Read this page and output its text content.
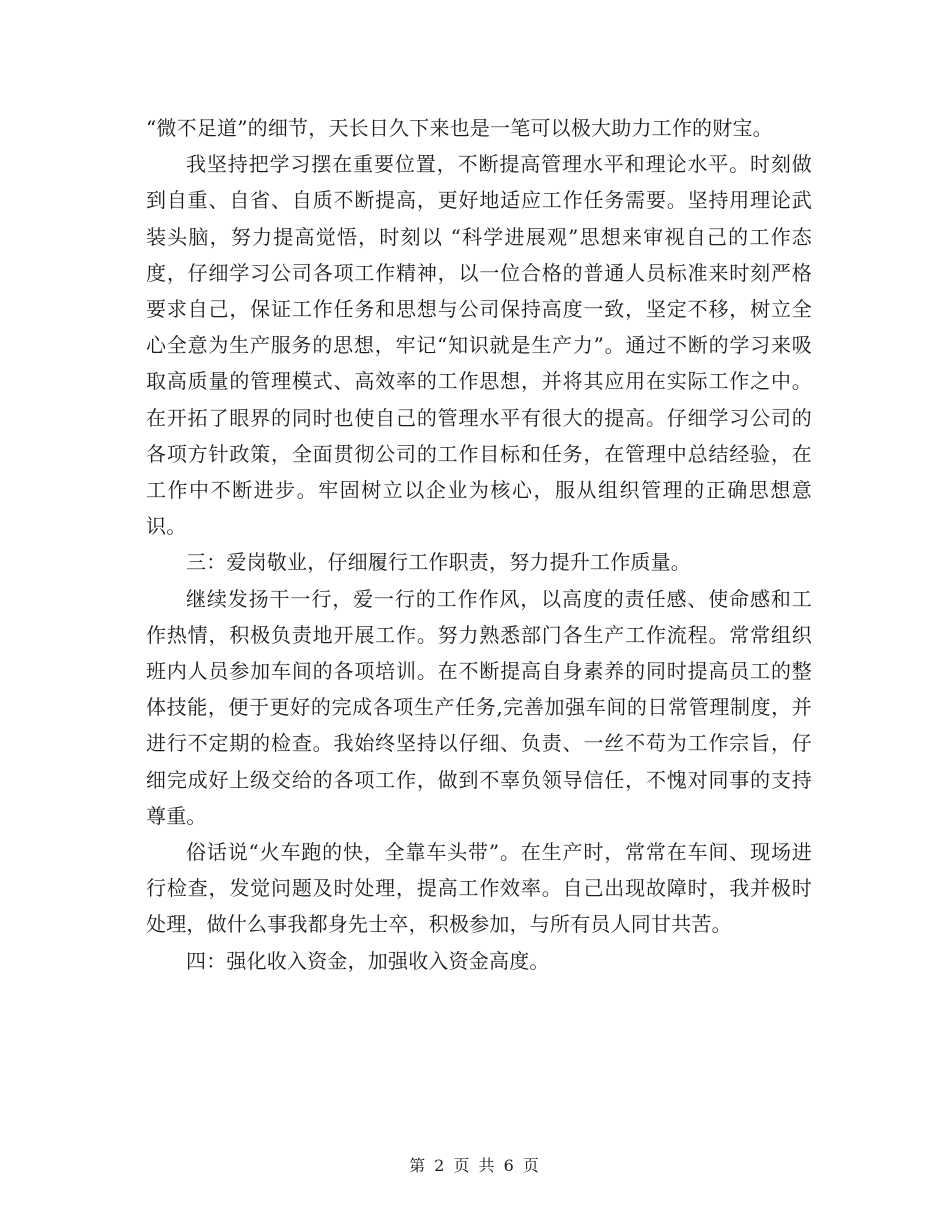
“微不足道”的细节，天长日久下来也是一笔可以极大助力工作的财宝。

我坚持把学习摆在重要位置，不断提高管理水平和理论水平。时刻做到自重、自省、自质不断提高，更好地适应工作任务需要。坚持用理论武装头脑，努力提高觉悟，时刻以 “科学进展观”思想来审视自己的工作态度，仔细学习公司各项工作精神，以一位合格的普通人员标准来时刻严格要求自己，保证工作任务和思想与公司保持高度一致，坚定不移，树立全心全意为生产服务的思想，牢记“知识就是生产力”。通过不断的学习来吸取高质量的管理模式、高效率的工作思想，并将其应用在实际工作之中。在开拓了眼界的同时也使自己的管理水平有很大的提高。仔细学习公司的各项方针政策，全面贯彻公司的工作目标和任务，在管理中总结经验，在工作中不断进步。牢固树立以企业为核心，服从组织管理的正确思想意识。

三：爱岗敬业，仔细履行工作职责，努力提升工作质量。

继续发扬干一行，爱一行的工作作风，以高度的责任感、使命感和工作热情，积极负责地开展工作。努力熟悉部门各生产工作流程。常常组织班内人员参加车间的各项培训。在不断提高自身素养的同时提高员工的整体技能，便于更好的完成各项生产任务,完善加强车间的日常管理制度，并进行不定期的检查。我始终坚持以仔细、负责、一丝不苟为工作宗旨，仔细完成好上级交给的各项工作，做到不辜负领导信任，不愧对同事的支持尊重。

俗话说“火车跑的快，全靠车头带”。在生产时，常常在车间、现场进行检查，发觉问题及时处理，提高工作效率。自己出现故障时，我并极时处理，做什么事我都身先士卒，积极参加，与所有员人同甘共苦。

四：强化收入资金，加强收入资金高度。

第 2 页 共 6 页
